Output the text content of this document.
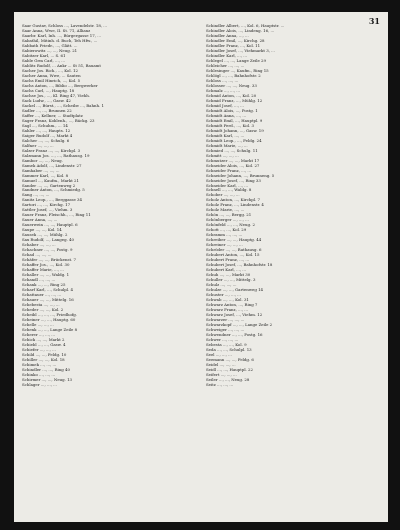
31

Saar Gustav, Schloss ..., Lavendelstr. 18, ...

Saar Anna, Wwe, II. St. 71, Allianz

Saarbr. Karl, Inh. ..., Bürgergasse 17, ...

Sabathil, Mitinh. d. Buch, Teh Hfw., ...

Sabbath Friedr., ..., Glätt. ...

Sabierowitz ..., ..., Neug. 21

Sabitzer Karl, ... S. 61

Sable Grm Carl, ..., ...

Sablitz Rudolf, ... Ankr ... St 51, Bauamt

Sacher Jos. Rich., ..., Kol. 12

Sacher Anna, Wwe, ... Sauten

Sachs Emil Hinrich, ..., Kol. 5

Sachs Anton, ..., Biblio ..., Bergwerker

Sachs Carl, ..., Hauptg. 18

Sachse Jos., ..., Kl. Ring 47, Viehh.

Sack Ludw., ..., Gasw. 42

Sackel ..., Bürst., ..., Scheibe ..., Bahnh. 1

Sadler ..., ..., Brunnen 22

Saffer ..., Kellner, ... Stadtplatz

Sager Franz, Kohlenh., ..., Bäckg. 23

Sagl ..., Schuhm., ... 14

Sahler ..., ..., Haupts. 12

Saiger Rudolf ..., Markt 4

Salcher ..., ..., Schulg. 6

Salfner ..., ..., ...

Salzer Franz ..., ..., Kirchpl. 3

Salzmann Jos. ..., ..., Rathausg. 19

Sambor ..., ..., Neug.

Samek Adolf, ..., Lindenstr. 27

Samhaber ..., ..., ...

Sammer Karl, ..., Kol. 8

Samuel ..., Kaufm., Markt 21

Sander ..., ..., Gartenweg 2

Sandner Anton, ..., Schmiedg. 5

Sang ..., ..., ...

Sanitz Leop., ..., Berggasse 34

Sartori ..., ..., Kirchg. 17

Sattler Josef, ..., Viehm. 3

Sauer Franz, Fleischh., ..., Ring 11

Sauer Anna, ..., ...

Sauerwein ..., ..., Hauptpl. 6

Saupe ..., ..., Kol. 14

Sausek ..., ..., Mühlg. 2

Sax Rudolf, ..., Langeg. 40

Schaber ..., ..., ...

Schachner ..., ..., Postg. 9

Schad ..., ..., ...

Schäfer ..., ..., Brückenst. 7

Schaffer Jos., ..., Kol. 30

Schaffer Marie, ..., ...

Schaller ..., ..., Waldg. 1

Schandl ..., ..., ...

Schank ..., ..., Ring 25

Scharf Karl, ..., Schulpl. 4

Schattauer ..., ..., ...

Schauer ..., ..., Mittelg. 16

Schebesta ..., ..., ...

Scheder ..., ..., Kol. 2

Scheibl ..., ..., ..., Friedhofg.

Scheiner ..., ..., Hauptg. 60

Schelle ..., ..., ...

Schenk ..., ..., Lange Zeile 8

Scherer ..., ..., ...

Schick ..., ..., Markt 2

Schiebl ..., ..., Gasw. 4

Schiefer ..., ..., ...

Schild ..., ..., Feldg. 10

Schiller ..., ..., Kol. 18

Schimek ..., ..., ...

Schindler ..., ..., Ring 40

Schinko ..., ..., ...

Schirmer ..., ..., Neug. 13

Schlager ..., ..., ...

Schindler Albert, ..., Kol. 6, Hauptstr. ...

Schindler Alois, ..., Lindeng. 16, ...

Schindler Anna, ..., ...

Schindler Emil, ..., Kirchg. 28

Schindler Franz, ..., Kol. 11

Schindler Josef, ..., Viehmarkt 3, ...

Schindler Karl, ..., ...

Schlegel ..., ..., Lange Zeile 29

Schleicher ..., ..., ...

Schlesinger ..., Kaufm., Ring 15

Schlögl ..., ..., Bahnhofstr. 2

Schloss ..., ..., ...

Schlosser ..., ..., Neug. 33

Schmalz ..., ..., ...

Schmid Anton, ..., Kol. 20

Schmid Franz, ..., Mühlg. 12

Schmid Josef, ..., ...

Schmidt Alois, ..., Postg. 1

Schmidt Anna, ..., ...

Schmidt Emil, ..., Hauptpl. 9

Schmidt Ferd., ..., Kol. 3

Schmidt Johann, ..., Gasw. 19

Schmidt Karl, ..., ...

Schmidt Leop., ..., Feldg. 24

Schmidt Marie, ..., ...

Schmied ..., ..., Schulg. 11

Schmitt ..., ..., ...

Schmutzer ..., ..., Markt 17

Schneider Alois, ..., Kol. 27

Schneider Franz, ..., ...

Schneider Johann, ..., Brunneng. 5

Schneider Josef, ..., Ring 33

Schneider Karl, ..., ...

Schnell ..., ..., Waldg. 8

Schober ..., ..., ...

Scholz Anton, ..., Kirchpl. 7

Scholz Franz, ..., Lindenstr. 4

Scholz Marie, ..., ...

Schön ..., ..., Bergg. 21

Schönberger ..., ..., ...

Schönfeld ..., ..., Neug. 2

Schott ..., ..., Kol. 29

Schramm ..., ..., ...

Schreiber ..., ..., Hauptg. 44

Schreiner ..., ..., ...

Schröder ..., ..., Rathausg. 6

Schubert Anton, ..., Kol. 15

Schubert Franz, ..., ...

Schubert Josef, ..., Bahnhofstr. 18

Schubert Karl, ..., ...

Schuh ..., ..., Markt 30

Schuller ..., ..., Mittelg. 3

Schulz ..., ..., ...

Schulze ..., ..., Gartenweg 14

Schuster ..., ..., ...

Schwab ..., ..., Kol. 31

Schwarz Anton, ..., Ring 7

Schwarz Franz, ..., ...

Schwarz Josef, ..., Viehm. 12

Schwarzer ..., ..., ...

Schwarzkopf ..., ..., Lange Zeile 2

Schweiger ..., ..., ...

Schwendner ..., ..., Postg. 16

Schwer ..., ..., ...

Sebesta ..., ..., Kol. 9

Seda ..., ..., Schulpl. 13

Seel ..., ..., ...

Seemann ..., ..., Feldg. 6

Seidel ..., ..., ...

Seidl ..., ..., Hauptpl. 22

Seifert ..., ..., ...

Seiler ..., ..., Neug. 28

Seitz ..., ..., ...
